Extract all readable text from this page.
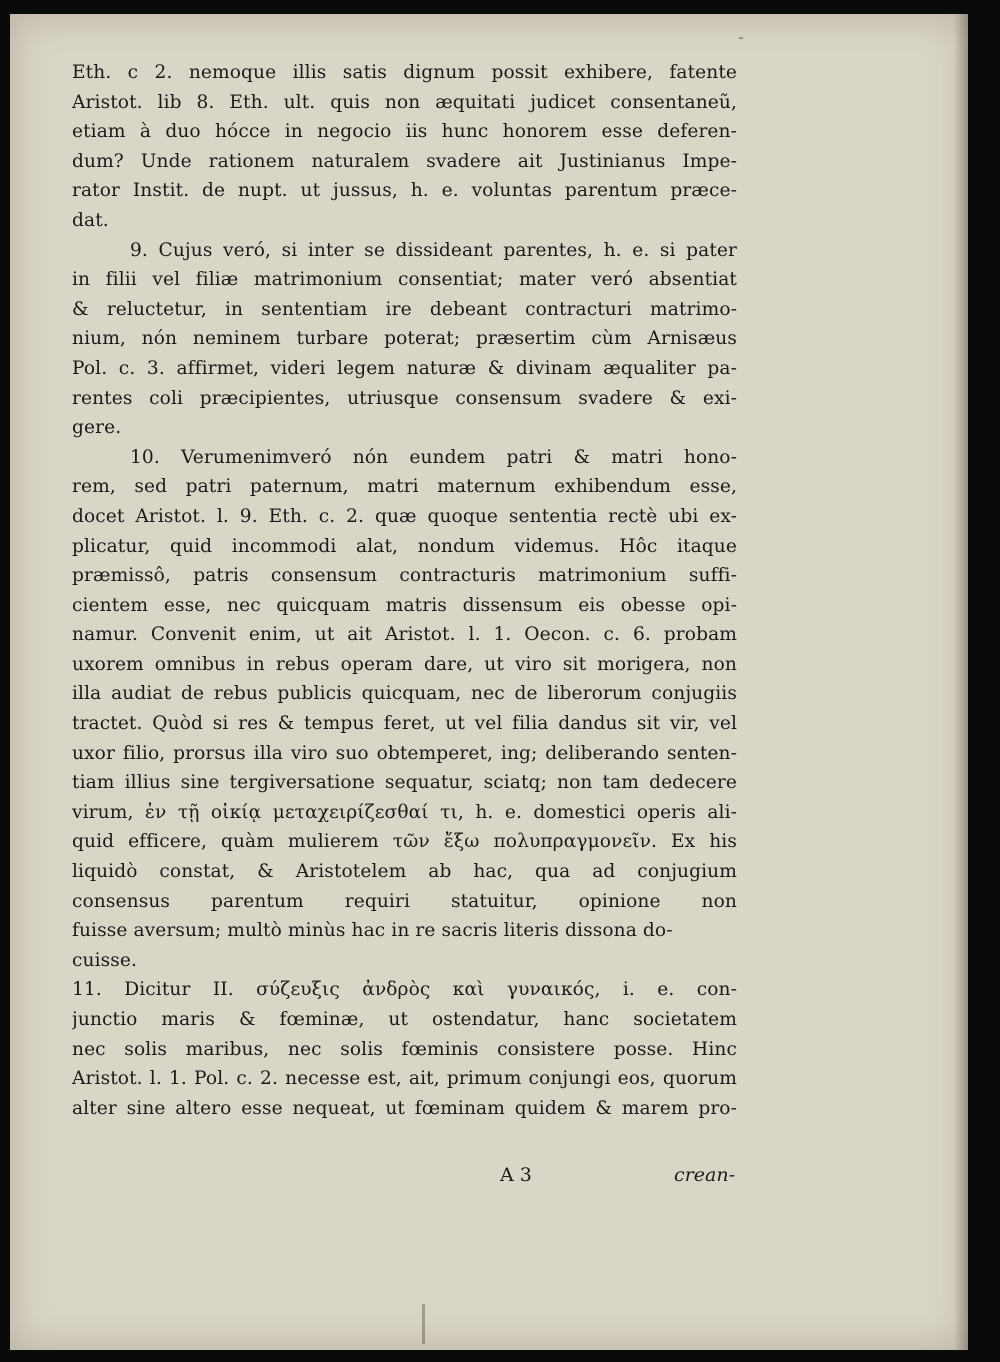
˜
Eth. c 2. nemoque illis satis dignum possit exhibere, fatente
Aristot. lib 8. Eth. ult. quis non æquitati judicet consentaneũ,
etiam à duo hócce in negocio iis hunc honorem esse deferen-
dum? Unde rationem naturalem svadere ait Justinianus Impe-
rator Instit. de nupt. ut jussus, h. e. voluntas parentum præce-
dat.
9. Cujus veró, si inter se dissideant parentes, h. e. si pater
in filii vel filiæ matrimonium consentiat; mater veró absentiat
& reluctetur, in sententiam ire debeant contracturi matrimo-
nium, nón neminem turbare poterat; præsertim cùm Arnisæus
Pol. c. 3. affirmet, videri legem naturæ & divinam æqualiter pa-
rentes coli præcipientes, utriusque consensum svadere & exi-
gere.
10. Verumenimveró nón eundem patri & matri hono-
rem, sed patri paternum, matri maternum exhibendum esse,
docet Aristot. l. 9. Eth. c. 2. quæ quoque sententia rectè ubi ex-
plicatur, quid incommodi alat, nondum videmus. Hôc itaque
præmissô, patris consensum contracturis matrimonium suffi-
cientem esse, nec quicquam matris dissensum eis obesse opi-
namur. Convenit enim, ut ait Aristot. l. 1. Oecon. c. 6. probam
uxorem omnibus in rebus operam dare, ut viro sit morigera, non
illa audiat de rebus publicis quicquam, nec de liberorum conjugiis
tractet. Quòd si res & tempus feret, ut vel filia dandus sit vir, vel
uxor filio, prorsus illa viro suo obtemperet, ing; deliberando senten-
tiam illius sine tergiversatione sequatur, sciatq; non tam dedecere
virum, ἐν τῇ οἰκίᾳ μεταχειρίζεσθαί τι, h. e. domestici operis ali-
quid efficere, quàm mulierem τῶν ἔξω πολυπραγμονεῖν. Ex his
liquidò constat, & Aristotelem ab hac, qua ad conjugium
consensus parentum requiri statuitur, opinione non
fuisse aversum; multò minùs hac in re sacris literis dissona do-
cuisse.
11. Dicitur II. σύζευξις ἀνδρὸς καὶ γυναικός, i. e. con-
junctio maris & fœminæ, ut ostendatur, hanc societatem
nec solis maribus, nec solis fœminis consistere posse. Hinc
Aristot. l. 1. Pol. c. 2. necesse est, ait, primum conjungi eos, quorum
alter sine altero esse nequeat, ut fœminam quidem & marem pro-
A 3	crean-
